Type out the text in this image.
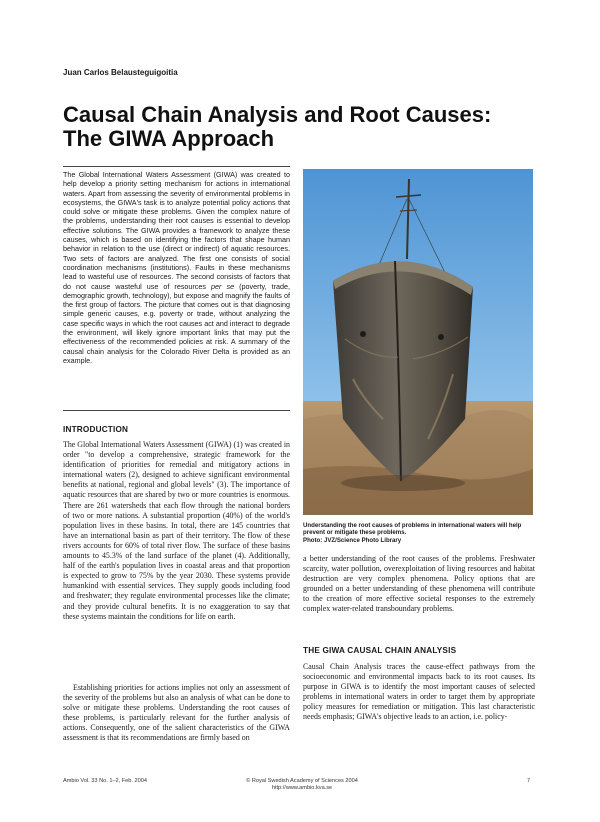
Juan Carlos Belausteguigoitia
Causal Chain Analysis and Root Causes:
The GIWA Approach

The Global International Waters Assessment (GIWA) was created to help develop a priority setting mechanism for actions in international waters. Apart from assessing the severity of environmental problems in ecosystems, the GIWA's task is to analyze potential policy actions that could solve or mitigate these problems. Given the complex nature of the problems, understanding their root causes is essential to develop effective solutions. The GIWA provides a framework to analyze these causes, which is based on identifying the factors that shape human behavior in relation to the use (direct or indirect) of aquatic resources. Two sets of factors are analyzed. The first one consists of social coordination mechanisms (institutions). Faults in these mechanisms lead to wasteful use of resources. The second consists of factors that do not cause wasteful use of resources per se (poverty, trade, demographic growth, technology), but expose and magnify the faults of the first group of factors. The picture that comes out is that diagnosing simple generic causes, e.g. poverty or trade, without analyzing the case specific ways in which the root causes act and interact to degrade the environment, will likely ignore important links that may put the effectiveness of the recommended policies at risk. A summary of the causal chain analysis for the Colorado River Delta is provided as an example.

INTRODUCTION

The Global International Waters Assessment (GIWA) (1) was created in order "to develop a comprehensive, strategic framework for the identification of priorities for remedial and mitigatory actions in international waters (2), designed to achieve significant environmental benefits at national, regional and global levels" (3). The importance of aquatic resources that are shared by two or more countries is enormous. There are 261 watersheds that each flow through the national borders of two or more nations. A substantial proportion (40%) of the world's population lives in these basins. In total, there are 145 countries that have an international basin as part of their territory. The flow of these rivers accounts for 60% of total river flow. The surface of these basins amounts to 45.3% of the land surface of the planet (4). Additionally, half of the earth's population lives in coastal areas and that proportion is expected to grow to 75% by the year 2030. These systems provide humankind with essential services. They supply goods including food and freshwater; they regulate environmental processes like the climate; and they provide cultural benefits. It is no exaggeration to say that these systems maintain the conditions for life on earth.

Establishing priorities for actions implies not only an assessment of the severity of the problems but also an analysis of what can be done to solve or mitigate these problems. Understanding the root causes of these problems, is particularly relevant for the further analysis of actions. Consequently, one of the salient characteristics of the GIWA assessment is that its recommendations are firmly based on

Understanding the root causes of problems in international waters will help prevent or mitigate these problems.
Photo: JVZ/Science Photo Library

a better understanding of the root causes of the problems. Freshwater scarcity, water pollution, overexploitation of living resources and habitat destruction are very complex phenomena. Policy options that are grounded on a better understanding of these phenomena will contribute to the creation of more effective societal responses to the extremely complex water-related transboundary problems.

THE GIWA CAUSAL CHAIN ANALYSIS

Causal Chain Analysis traces the cause-effect pathways from the socioeconomic and environmental impacts back to its root causes. Its purpose in GIWA is to identify the most important causes of selected problems in international waters in order to target them by appropriate policy measures for remediation or mitigation. This last characteristic needs emphasis; GIWA's objective leads to an action, i.e. policy-

Ambio Vol. 33 No. 1–2, Feb. 2004	© Royal Swedish Academy of Sciences 2004
http://www.ambio.kva.se
7
